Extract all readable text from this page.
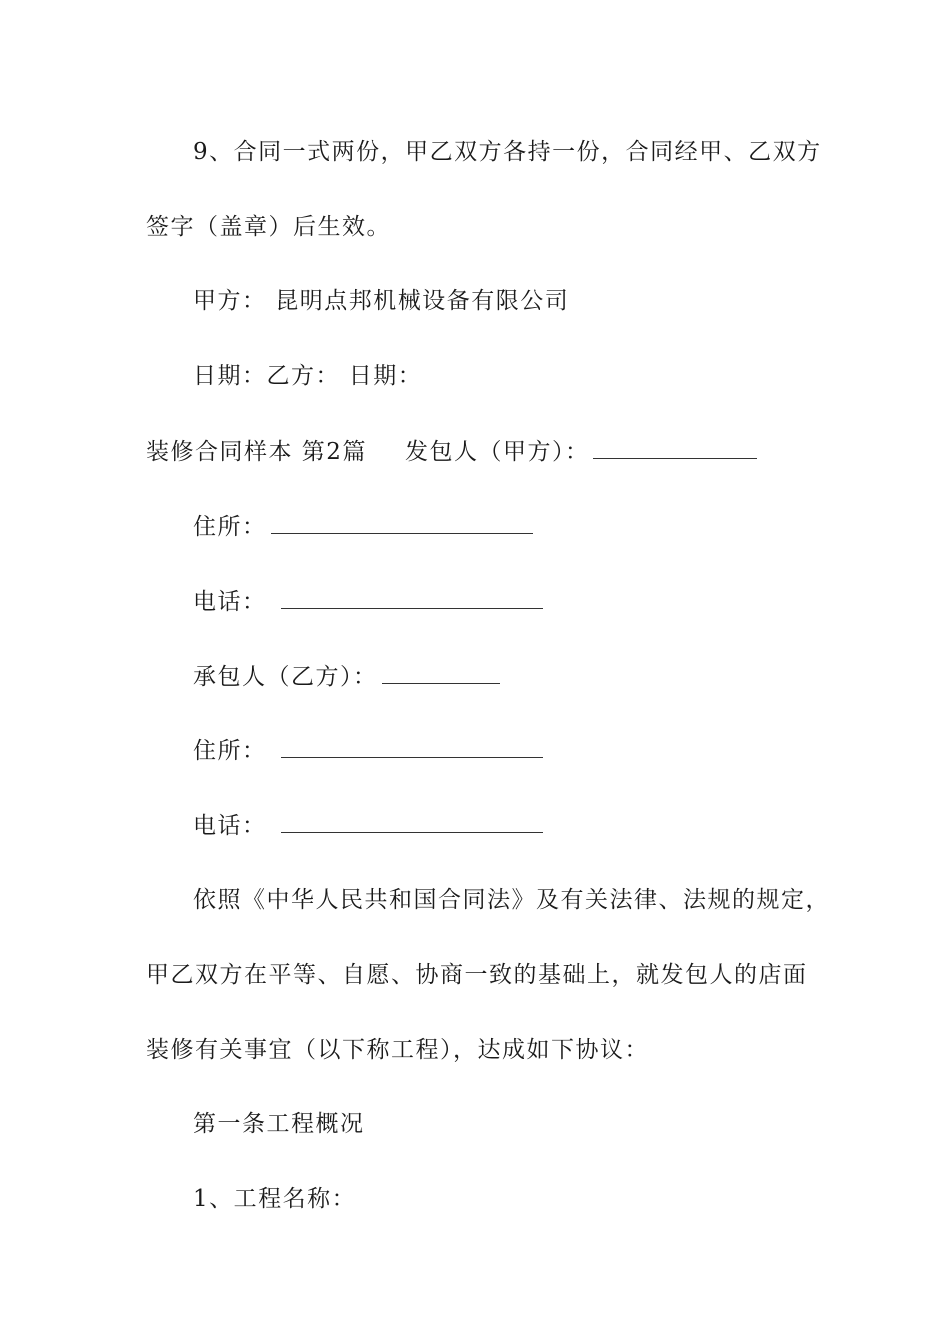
9、合同一式两份，甲乙双方各持一份，合同经甲、乙双方
签字（盖章）后生效。
甲方： 昆明点邦机械设备有限公司
日期：乙方： 日期：
装修合同样本 第2篇 发包人（甲方）：
住所：
电话：
承包人（乙方）：
住所：
电话：
依照《中华人民共和国合同法》及有关法律、法规的规定，
甲乙双方在平等、自愿、协商一致的基础上，就发包人的店面
装修有关事宜（以下称工程），达成如下协议：
第一条工程概况
1、工程名称：
